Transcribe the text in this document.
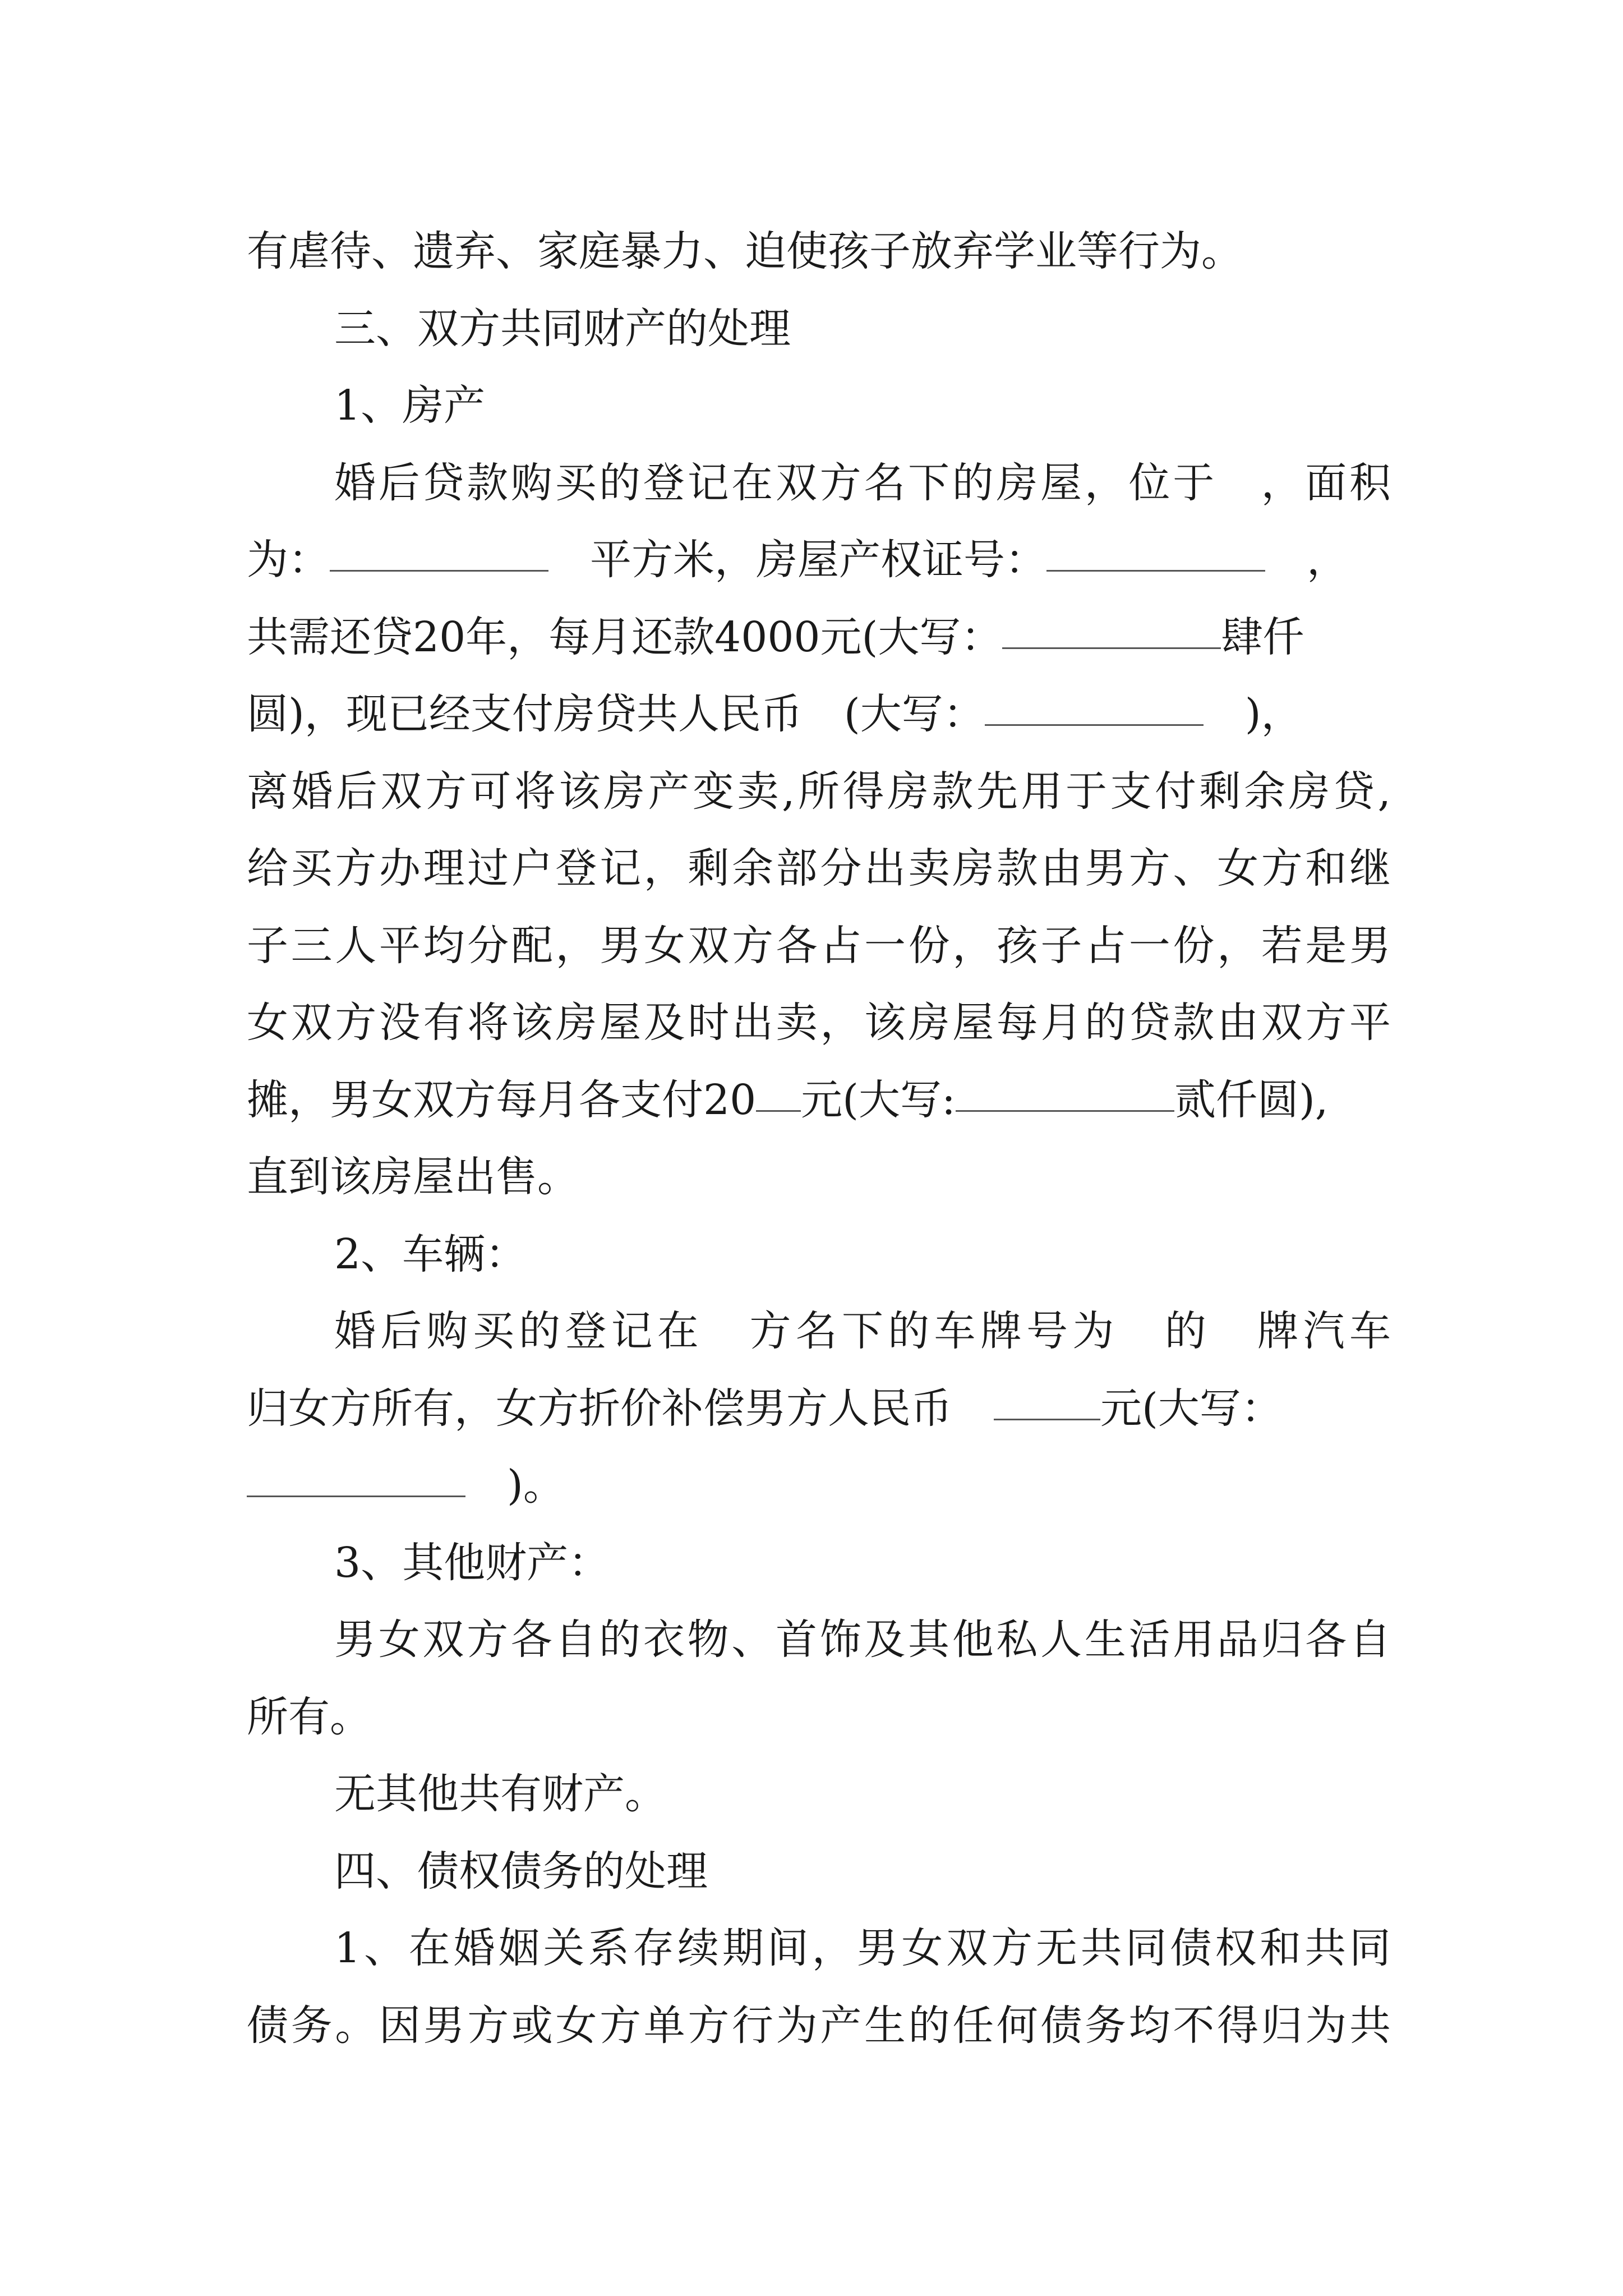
有虐待、遗弃、家庭暴力、迫使孩子放弃学业等行为。
三、双方共同财产的处理
1、房产
婚后贷款购买的登记在双方名下的房屋，位于　，面积
为：	　平方米，房屋产权证号：	　，
共需还贷20年，每月还款4000元(大写：	肆仟
圆)，现已经支付房贷共人民币　(大写：	　)，
离婚后双方可将该房产变卖,所得房款先用于支付剩余房贷,
给买方办理过户登记，剩余部分出卖房款由男方、女方和继
子三人平均分配，男女双方各占一份，孩子占一份，若是男
女双方没有将该房屋及时出卖，该房屋每月的贷款由双方平
摊，男女双方每月各支付20 元(大写:	贰仟圆),
直到该房屋出售。
2、车辆：
婚后购买的登记在　方名下的车牌号为　的　牌汽车
归女方所有，女方折价补偿男方人民币　	元(大写：
　)。
3、其他财产：
男女双方各自的衣物、首饰及其他私人生活用品归各自
所有。
无其他共有财产。
四、债权债务的处理
1、在婚姻关系存续期间，男女双方无共同债权和共同
债务。因男方或女方单方行为产生的任何债务均不得归为共
